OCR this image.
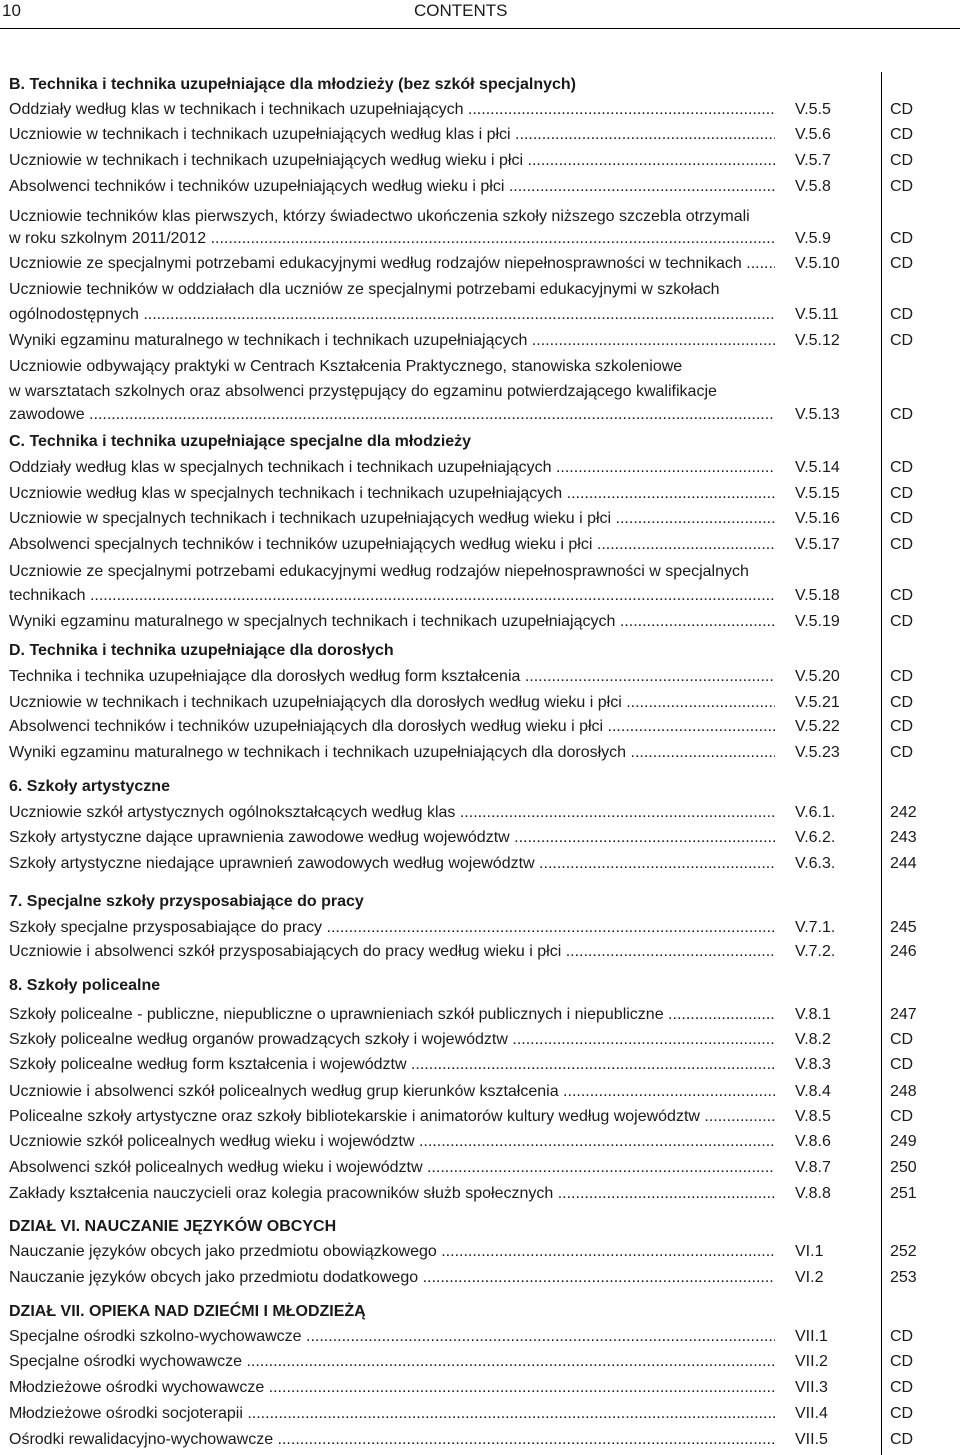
10	CONTENTS
B. Technika i technika uzupełniające dla młodzieży (bez szkół specjalnych)
Oddziały według klas w technikach i technikach uzupełniających .....	V.5.5	CD
Uczniowie w technikach i technikach uzupełniających według klas i płci .....	V.5.6	CD
Uczniowie w technikach i technikach uzupełniających według wieku i płci .....	V.5.7	CD
Absolwenci techników i techników uzupełniających według wieku i płci .....	V.5.8	CD
Uczniowie techników klas pierwszych, którzy świadectwo ukończenia szkoły niższego szczebla otrzymali
w roku szkolnym 2011/2012 .....	V.5.9	CD
Uczniowie ze specjalnymi potrzebami edukacyjnymi według rodzajów niepełnosprawności w technikach .....	V.5.10	CD
Uczniowie techników w oddziałach dla uczniów ze specjalnymi potrzebami edukacyjnymi w szkołach
ogólnodostępnych .....	V.5.11	CD
Wyniki egzaminu maturalnego w technikach i technikach uzupełniających .....	V.5.12	CD
Uczniowie odbywający praktyki w Centrach Kształcenia Praktycznego, stanowiska szkoleniowe
w warsztatach szkolnych oraz absolwenci przystępujący do egzaminu potwierdzającego kwalifikacje
zawodowe .....	V.5.13	CD
C. Technika i technika uzupełniające specjalne dla młodzieży
Oddziały według klas w specjalnych technikach i technikach uzupełniających .....	V.5.14	CD
Uczniowie według klas w specjalnych technikach i technikach uzupełniających .....	V.5.15	CD
Uczniowie w specjalnych technikach i technikach uzupełniających według wieku i płci .....	V.5.16	CD
Absolwenci specjalnych techników i techników uzupełniających według wieku i płci .....	V.5.17	CD
Uczniowie ze specjalnymi potrzebami edukacyjnymi według rodzajów niepełnosprawności w specjalnych
technikach .....	V.5.18	CD
Wyniki egzaminu maturalnego w specjalnych technikach i technikach uzupełniających .....	V.5.19	CD
D. Technika i technika uzupełniające dla dorosłych
Technika i technika uzupełniające dla dorosłych według form kształcenia .....	V.5.20	CD
Uczniowie w technikach i technikach uzupełniających dla dorosłych według wieku i płci .....	V.5.21	CD
Absolwenci techników i techników uzupełniających dla dorosłych według wieku i płci .....	V.5.22	CD
Wyniki egzaminu maturalnego w technikach i technikach uzupełniających dla dorosłych .....	V.5.23	CD
6. Szkoły artystyczne
Uczniowie szkół artystycznych ogólnokształcących według klas .....	V.6.1.	242
Szkoły artystyczne dające uprawnienia zawodowe według województw .....	V.6.2.	243
Szkoły artystyczne niedające uprawnień zawodowych według województw .....	V.6.3.	244
7. Specjalne szkoły przysposabiające do pracy
Szkoły specjalne przysposabiające do pracy .....	V.7.1.	245
Uczniowie i absolwenci szkół przysposabiających do pracy według wieku i płci .....	V.7.2.	246
8. Szkoły policealne
Szkoły policealne - publiczne, niepubliczne o uprawnieniach szkół publicznych i niepubliczne .....	V.8.1	247
Szkoły policealne według organów prowadzących szkoły i województw .....	V.8.2	CD
Szkoły policealne według form kształcenia i województw .....	V.8.3	CD
Uczniowie i absolwenci szkół policealnych według grup kierunków kształcenia .....	V.8.4	248
Policealne szkoły artystyczne oraz szkoły bibliotekarskie i animatorów kultury według województw .....	V.8.5	CD
Uczniowie szkół policealnych według wieku i województw .....	V.8.6	249
Absolwenci szkół policealnych według wieku i województw .....	V.8.7	250
Zakłady kształcenia nauczycieli oraz kolegia pracowników służb społecznych .....	V.8.8	251
DZIAŁ VI. NAUCZANIE JĘZYKÓW OBCYCH
Nauczanie języków obcych jako przedmiotu obowiązkowego .....	VI.1	252
Nauczanie języków obcych jako przedmiotu dodatkowego .....	VI.2	253
DZIAŁ VII. OPIEKA NAD DZIEĆMI I MŁODZIEŻĄ
Specjalne ośrodki szkolno-wychowawcze .....	VII.1	CD
Specjalne ośrodki wychowawcze .....	VII.2	CD
Młodzieżowe ośrodki wychowawcze .....	VII.3	CD
Młodzieżowe ośrodki socjoterapii .....	VII.4	CD
Ośrodki rewalidacyjno-wychowawcze .....	VII.5	CD
